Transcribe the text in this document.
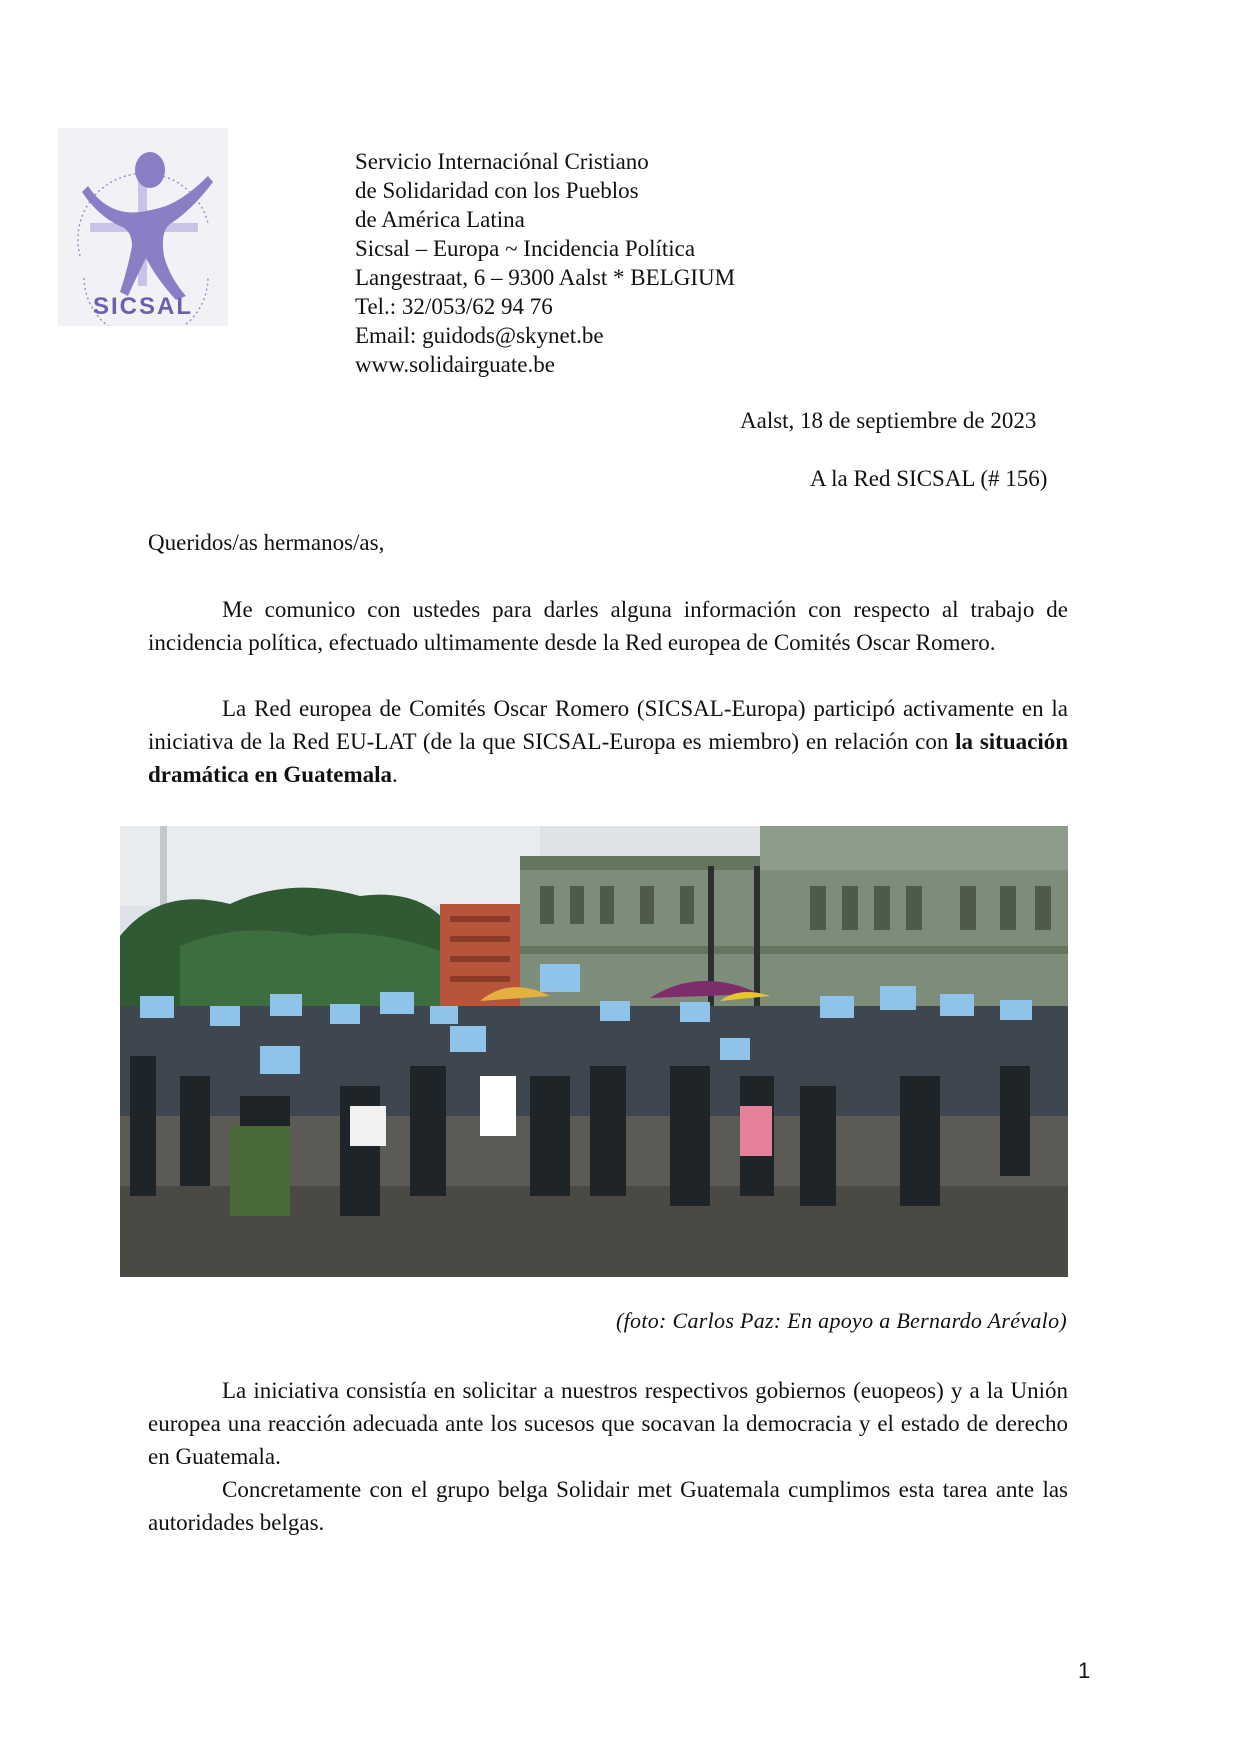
SICSAL
Servicio Internaciónal Cristiano
de Solidaridad con los Pueblos
de América Latina
Sicsal – Europa ~ Incidencia Política
Langestraat, 6 – 9300 Aalst * BELGIUM
Tel.: 32/053/62 94 76
Email: guidods@skynet.be
www.solidairguate.be
Aalst, 18 de septiembre de 2023
A la Red SICSAL (# 156)
Queridos/as hermanos/as,

Me comunico con ustedes para darles alguna información con respecto al trabajo de incidencia política, efectuado ultimamente desde la Red europea de Comités Oscar Romero.

La Red europea de Comités Oscar Romero (SICSAL-Europa) participó activamente en la iniciativa de la Red EU-LAT (de la que SICSAL-Europa es miembro) en relación con la situación dramática en Guatemala.

(foto: Carlos Paz: En apoyo a Bernardo Arévalo)

La iniciativa consistía en solicitar a nuestros respectivos gobiernos (euopeos) y a la Unión europea una reacción adecuada ante los sucesos que socavan la democracia y el estado de derecho en Guatemala.

Concretamente con el grupo belga Solidair met Guatemala cumplimos esta tarea ante las autoridades belgas.

1
